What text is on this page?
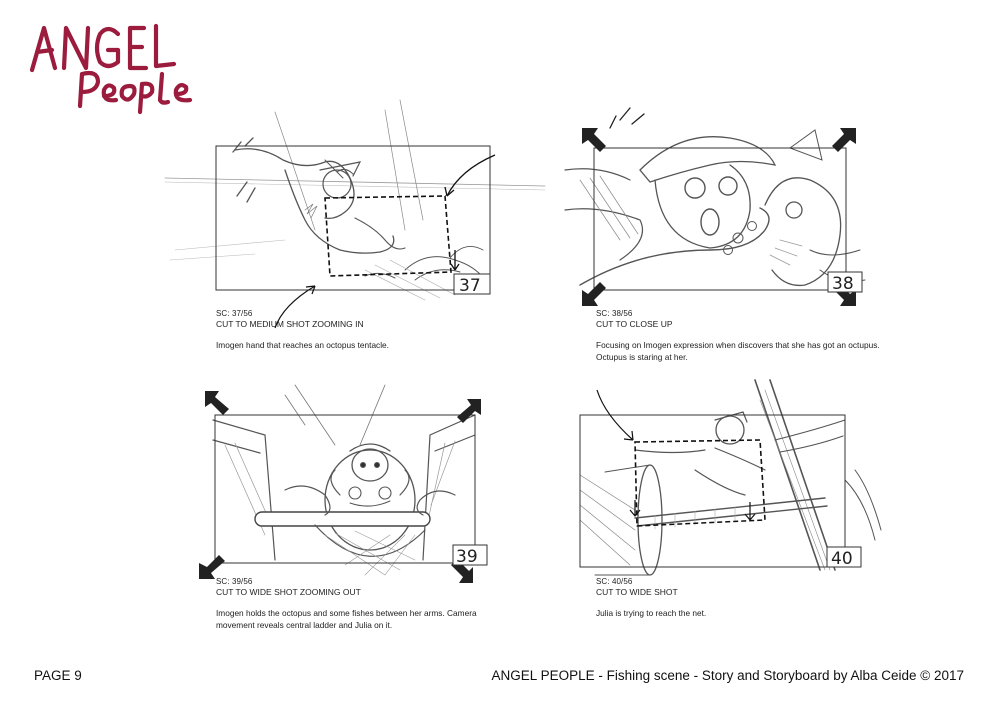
37
SC: 37/56
CUT TO MEDIUM SHOT ZOOMING IN
Imogen hand that reaches an octopus tentacle.
38
SC: 38/56
CUT TO CLOSE UP
Focusing on Imogen expression when discovers that she has got an octupus. Octupus is staring at her.
39
SC: 39/56
CUT TO WIDE SHOT ZOOMING OUT
Imogen holds the octopus and some fishes between her arms. Camera movement reveals central ladder and Julia on it.
40
SC: 40/56
CUT TO WIDE SHOT
Julia is trying to reach the net.
PAGE 9	ANGEL PEOPLE - Fishing scene - Story and Storyboard by Alba Ceide © 2017
